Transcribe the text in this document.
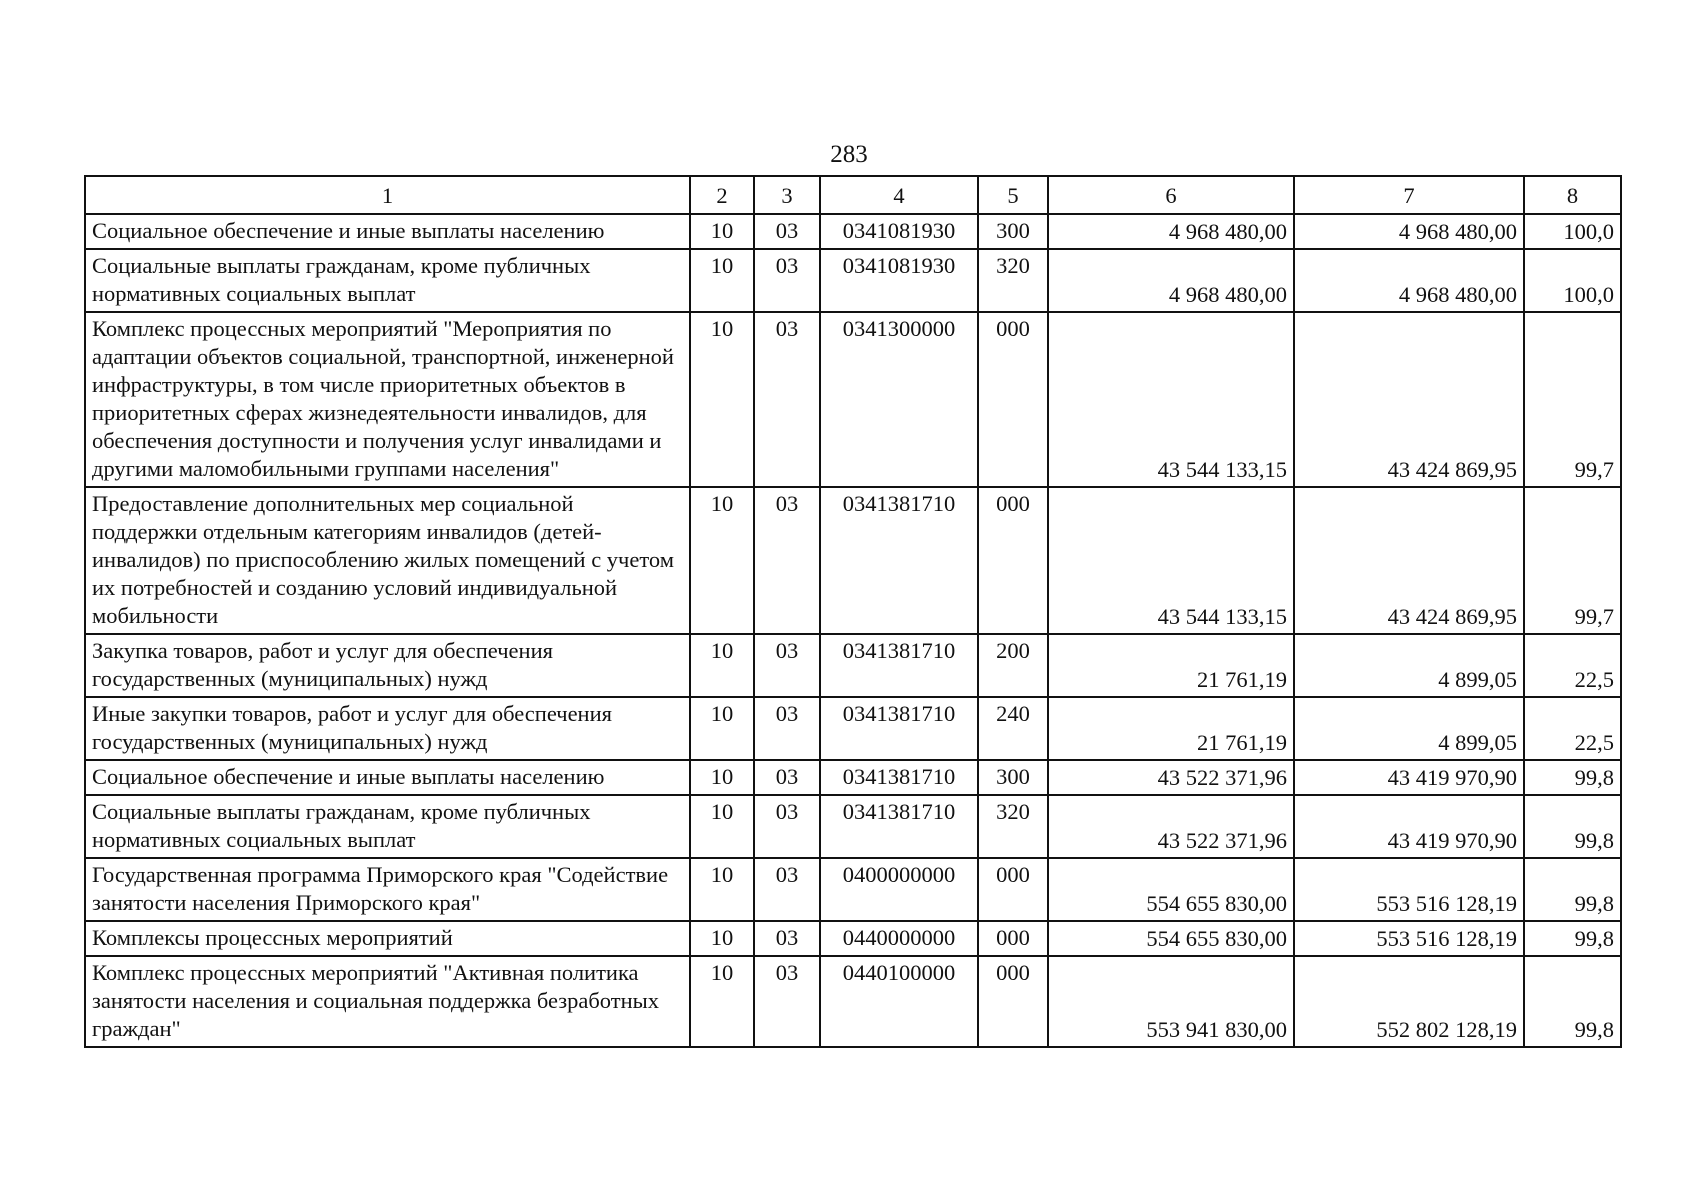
283
1	2	3	4	5	6	7	8
Социальное обеспечение и иные выплаты населению	10	03	0341081930	300	4 968 480,00	4 968 480,00	100,0
Социальные выплаты гражданам, кроме публичных нормативных социальных выплат	10	03	0341081930	320	4 968 480,00	4 968 480,00	100,0
Комплекс процессных мероприятий "Мероприятия по адаптации объектов социальной, транспортной, инженерной инфраструктуры, в том числе приоритетных объектов в приоритетных сферах жизнедеятельности инвалидов, для обеспечения доступности и получения услуг инвалидами и другими маломобильными группами населения"	10	03	0341300000	000	43 544 133,15	43 424 869,95	99,7
Предоставление дополнительных мер социальной поддержки отдельным категориям инвалидов (детей-инвалидов) по приспособлению жилых помещений с учетом их потребностей и созданию условий индивидуальной мобильности	10	03	0341381710	000	43 544 133,15	43 424 869,95	99,7
Закупка товаров, работ и услуг для обеспечения государственных (муниципальных) нужд	10	03	0341381710	200	21 761,19	4 899,05	22,5
Иные закупки товаров, работ и услуг для обеспечения государственных (муниципальных) нужд	10	03	0341381710	240	21 761,19	4 899,05	22,5
Социальное обеспечение и иные выплаты населению	10	03	0341381710	300	43 522 371,96	43 419 970,90	99,8
Социальные выплаты гражданам, кроме публичных нормативных социальных выплат	10	03	0341381710	320	43 522 371,96	43 419 970,90	99,8
Государственная программа Приморского края "Содействие занятости населения Приморского края"	10	03	0400000000	000	554 655 830,00	553 516 128,19	99,8
Комплексы процессных мероприятий	10	03	0440000000	000	554 655 830,00	553 516 128,19	99,8
Комплекс процессных мероприятий "Активная политика занятости населения и социальная поддержка безработных граждан"	10	03	0440100000	000	553 941 830,00	552 802 128,19	99,8
